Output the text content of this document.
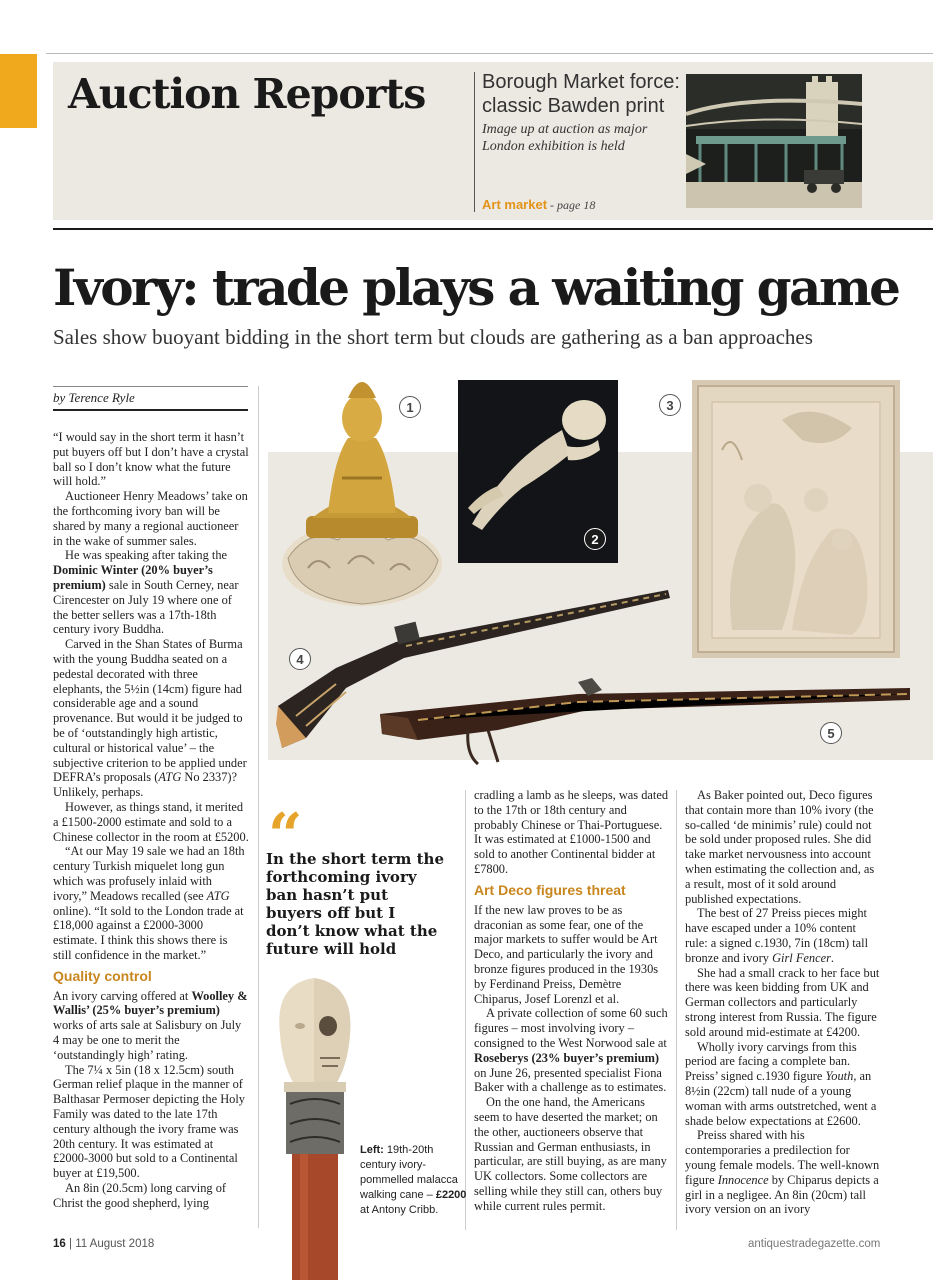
Auction Reports	Borough Market force: classic Bawden print
Image up at auction as major London exhibition is held
Art market - page 18
Ivory: trade plays a waiting game
Sales show buoyant bidding in the short term but clouds are gathering as a ban approaches
by Terence Ryle
1
2
3
4
5

“I would say in the short term it hasn’t put buyers off but I don’t have a crystal ball so I don’t know what the future will hold.”

Auctioneer Henry Meadows’ take on the forthcoming ivory ban will be shared by many a regional auctioneer in the wake of summer sales.

He was speaking after taking the Dominic Winter (20% buyer’s premium) sale in South Cerney, near Cirencester on July 19 where one of the better sellers was a 17th-18th century ivory Buddha.

Carved in the Shan States of Burma with the young Buddha seated on a pedestal decorated with three elephants, the 5½in (14cm) figure had considerable age and a sound provenance. But would it be judged to be of ‘outstandingly high artistic, cultural or historical value’ – the subjective criterion to be applied under DEFRA’s proposals (ATG No 2337)? Unlikely, perhaps.

However, as things stand, it merited a £1500-2000 estimate and sold to a Chinese collector in the room at £5200.

“At our May 19 sale we had an 18th century Turkish miquelet long gun which was profusely inlaid with ivory,” Meadows recalled (see ATG online). “It sold to the London trade at £18,000 against a £2000-3000 estimate. I think this shows there is still confidence in the market.”

Quality control

An ivory carving offered at Woolley & Wallis’ (25% buyer’s premium) works of arts sale at Salisbury on July 4 may be one to merit the ‘outstandingly high’ rating.

The 7¼ x 5in (18 x 12.5cm) south German relief plaque in the manner of Balthasar Permoser depicting the Holy Family was dated to the late 17th century although the ivory frame was 20th century. It was estimated at £2000-3000 but sold to a Continental buyer at £19,500.

An 8in (20.5cm) long carving of Christ the good shepherd, lying

“
In the short term the forthcoming ivory ban hasn’t put buyers off but I don’t know what the future will hold
Left: 19th-20th century ivory-pommelled malacca walking cane – £2200 at Antony Cribb.

cradling a lamb as he sleeps, was dated to the 17th or 18th century and probably Chinese or Thai-Portuguese. It was estimated at £1000-1500 and sold to another Continental bidder at £7800.

Art Deco figures threat

If the new law proves to be as draconian as some fear, one of the major markets to suffer would be Art Deco, and particularly the ivory and bronze figures produced in the 1930s by Ferdinand Preiss, Demètre Chiparus, Josef Lorenzl et al.

A private collection of some 60 such figures – most involving ivory – consigned to the West Norwood sale at Roseberys (23% buyer’s premium) on June 26, presented specialist Fiona Baker with a challenge as to estimates.

On the one hand, the Americans seem to have deserted the market; on the other, auctioneers observe that Russian and German enthusiasts, in particular, are still buying, as are many UK collectors. Some collectors are selling while they still can, others buy while current rules permit.

As Baker pointed out, Deco figures that contain more than 10% ivory (the so-called ‘de minimis’ rule) could not be sold under proposed rules. She did take market nervousness into account when estimating the collection and, as a result, most of it sold around published expectations.

The best of 27 Preiss pieces might have escaped under a 10% content rule: a signed c.1930, 7in (18cm) tall bronze and ivory Girl Fencer.

She had a small crack to her face but there was keen bidding from UK and German collectors and particularly strong interest from Russia. The figure sold around mid-estimate at £4200.

Wholly ivory carvings from this period are facing a complete ban. Preiss’ signed c.1930 figure Youth, an 8½in (22cm) tall nude of a young woman with arms outstretched, went a shade below expectations at £2600.

Preiss shared with his contemporaries a predilection for young female models. The well-known figure Innocence by Chiparus depicts a girl in a negligee. An 8in (20cm) tall ivory version on an ivory

16 | 11 August 2018	antiquestradegazette.com
